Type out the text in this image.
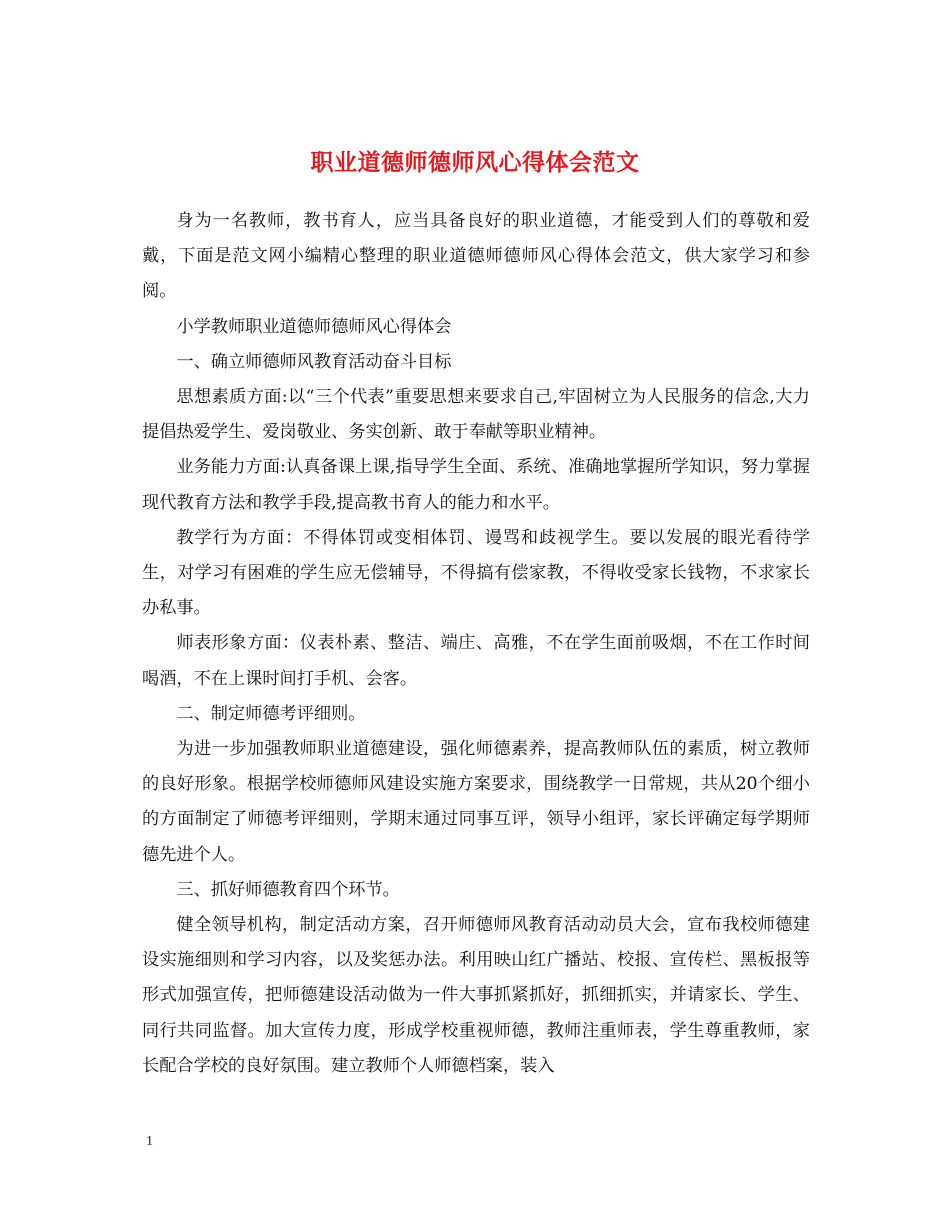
职业道德师德师风心得体会范文

身为一名教师，教书育人，应当具备良好的职业道德，才能受到人们的尊敬和爱戴，下面是范文网小编精心整理的职业道德师德师风心得体会范文，供大家学习和参阅。

小学教师职业道德师德师风心得体会

一、确立师德师风教育活动奋斗目标

思想素质方面:以“三个代表”重要思想来要求自己,牢固树立为人民服务的信念,大力提倡热爱学生、爱岗敬业、务实创新、敢于奉献等职业精神。

业务能力方面:认真备课上课,指导学生全面、系统、准确地掌握所学知识，努力掌握现代教育方法和教学手段,提高教书育人的能力和水平。

教学行为方面：不得体罚或变相体罚、谩骂和歧视学生。要以发展的眼光看待学生，对学习有困难的学生应无偿辅导，不得搞有偿家教，不得收受家长钱物，不求家长办私事。

师表形象方面：仪表朴素、整洁、端庄、高雅，不在学生面前吸烟，不在工作时间喝酒，不在上课时间打手机、会客。

二、制定师德考评细则。

为进一步加强教师职业道德建设，强化师德素养，提高教师队伍的素质，树立教师的良好形象。根据学校师德师风建设实施方案要求，围绕教学一日常规，共从20个细小的方面制定了师德考评细则，学期末通过同事互评，领导小组评，家长评确定每学期师德先进个人。

三、抓好师德教育四个环节。

健全领导机构，制定活动方案，召开师德师风教育活动动员大会，宣布我校师德建设实施细则和学习内容，以及奖惩办法。利用映山红广播站、校报、宣传栏、黑板报等形式加强宣传，把师德建设活动做为一件大事抓紧抓好，抓细抓实，并请家长、学生、同行共同监督。加大宣传力度，形成学校重视师德，教师注重师表，学生尊重教师，家长配合学校的良好氛围。建立教师个人师德档案，装入

1
